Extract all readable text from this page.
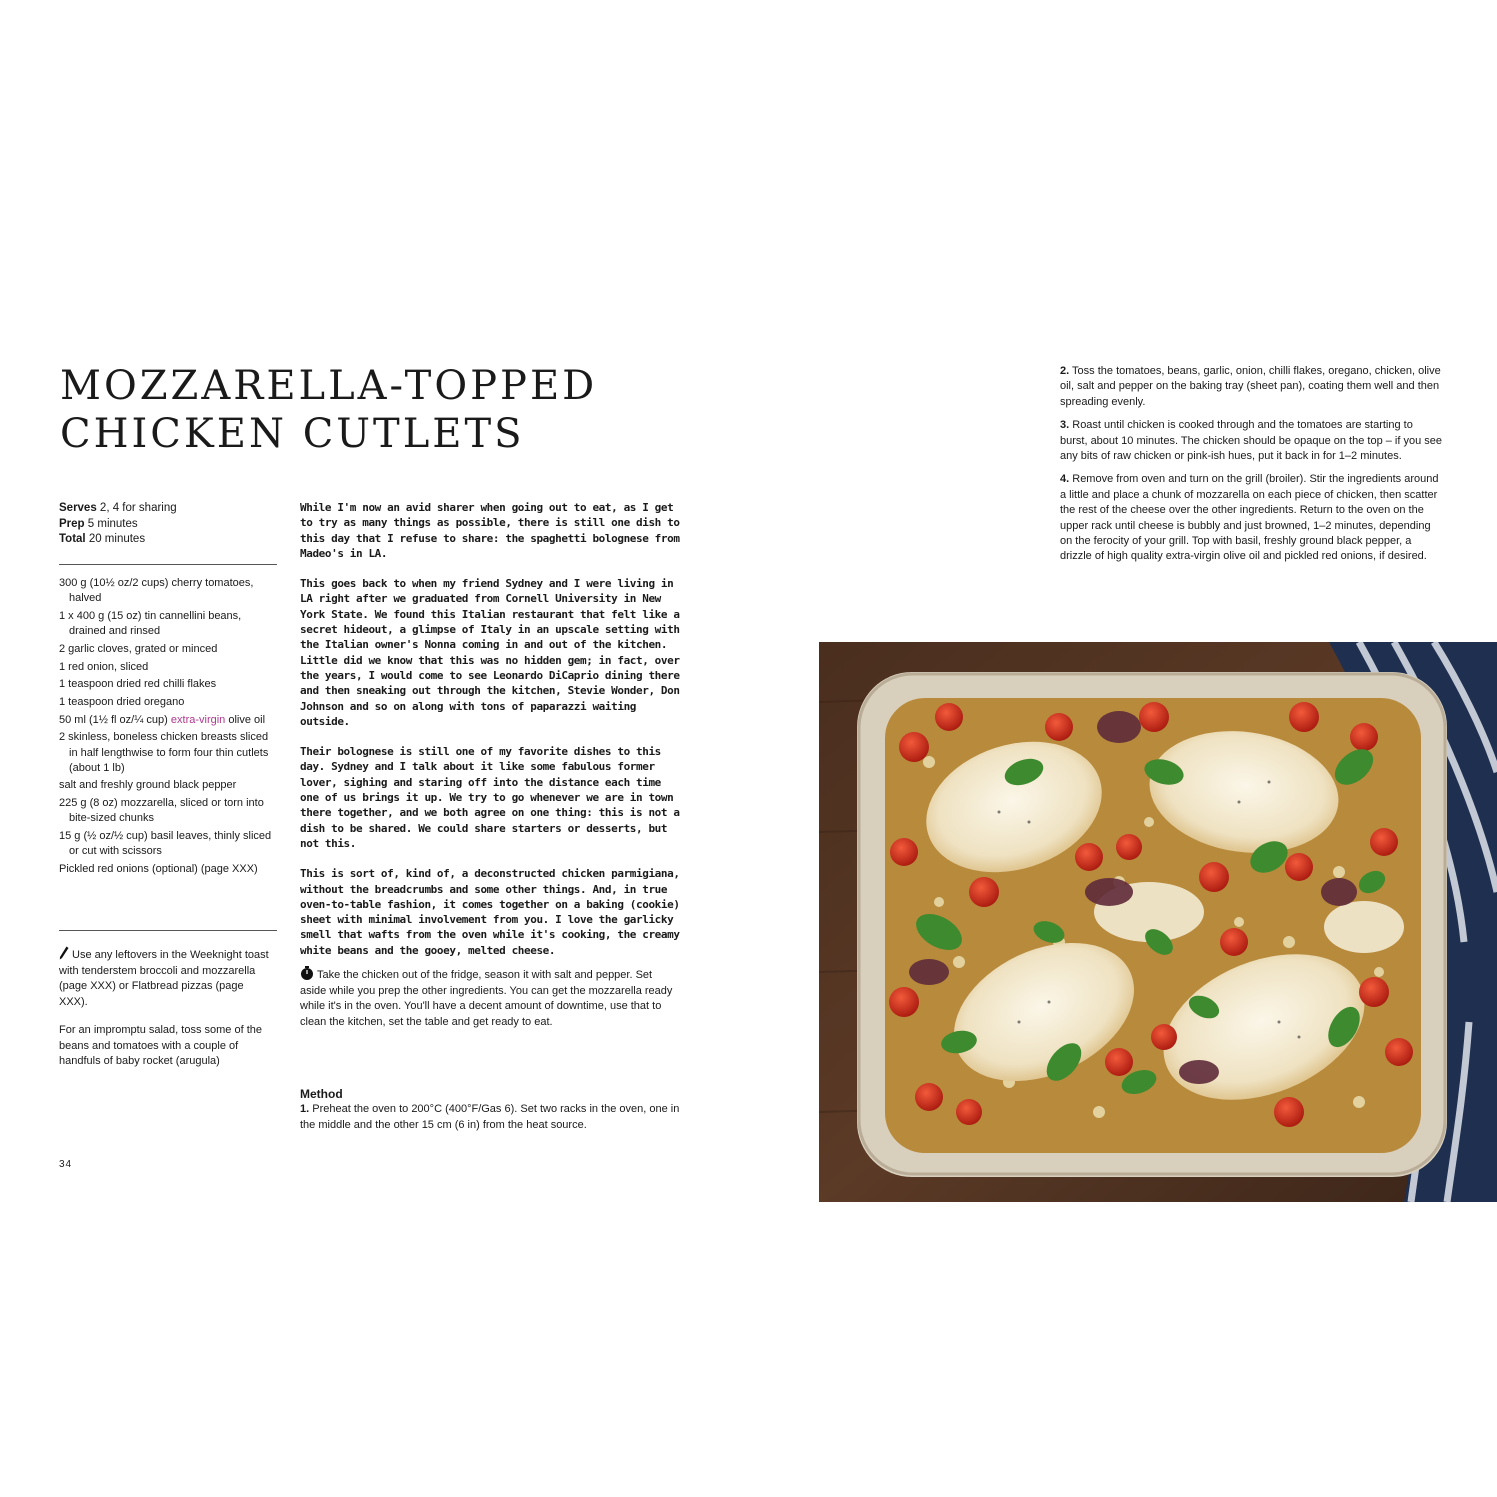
MOZZARELLA-TOPPED
CHICKEN CUTLETS
Serves 2, 4 for sharing
Prep 5 minutes
Total 20 minutes
300 g (10½ oz/2 cups) cherry tomatoes, halved
1 x 400 g (15 oz) tin cannellini beans, drained and rinsed
2 garlic cloves, grated or minced
1 red onion, sliced
1 teaspoon dried red chilli flakes
1 teaspoon dried oregano
50 ml (1½ fl oz/¼ cup) extra-virgin olive oil
2 skinless, boneless chicken breasts sliced in half lengthwise to form four thin cutlets (about 1 lb)
salt and freshly ground black pepper
225 g (8 oz) mozzarella, sliced or torn into bite-sized chunks
15 g (½ oz/½ cup) basil leaves, thinly sliced or cut with scissors
Pickled red onions (optional) (page XXX)

Use any leftovers in the Weeknight toast with tenderstem broccoli and mozzarella (page XXX) or Flatbread pizzas (page XXX).

For an impromptu salad, toss some of the beans and tomatoes with a couple of handfuls of baby rocket (arugula)

While I'm now an avid sharer when going out to eat, as I get to try as many things as possible, there is still one dish to this day that I refuse to share: the spaghetti bolognese from Madeo's in LA.

This goes back to when my friend Sydney and I were living in LA right after we graduated from Cornell University in New York State. We found this Italian restaurant that felt like a secret hideout, a glimpse of Italy in an upscale setting with the Italian owner's Nonna coming in and out of the kitchen. Little did we know that this was no hidden gem; in fact, over the years, I would come to see Leonardo DiCaprio dining there and then sneaking out through the kitchen, Stevie Wonder, Don Johnson and so on along with tons of paparazzi waiting outside.

Their bolognese is still one of my favorite dishes to this day. Sydney and I talk about it like some fabulous former lover, sighing and staring off into the distance each time one of us brings it up. We try to go whenever we are in town there together, and we both agree on one thing: this is not a dish to be shared. We could share starters or desserts, but not this.

This is sort of, kind of, a deconstructed chicken parmigiana, without the breadcrumbs and some other things. And, in true oven-to-table fashion, it comes together on a baking (cookie) sheet with minimal involvement from you. I love the garlicky smell that wafts from the oven while it's cooking, the creamy white beans and the gooey, melted cheese.

Take the chicken out of the fridge, season it with salt and pepper. Set aside while you prep the other ingredients. You can get the mozzarella ready while it's in the oven. You'll have a decent amount of downtime, use that to clean the kitchen, set the table and get ready to eat.
Method
1. Preheat the oven to 200°C (400°F/Gas 6). Set two racks in the oven, one in the middle and the other 15 cm (6 in) from the heat source.
34

2. Toss the tomatoes, beans, garlic, onion, chilli flakes, oregano, chicken, olive oil, salt and pepper on the baking tray (sheet pan), coating them well and then spreading evenly.

3. Roast until chicken is cooked through and the tomatoes are starting to burst, about 10 minutes. The chicken should be opaque on the top – if you see any bits of raw chicken or pink-ish hues, put it back in for 1–2 minutes.

4. Remove from oven and turn on the grill (broiler). Stir the ingredients around a little and place a chunk of mozzarella on each piece of chicken, then scatter the rest of the cheese over the other ingredients. Return to the oven on the upper rack until cheese is bubbly and just browned, 1–2 minutes, depending on the ferocity of your grill. Top with basil, freshly ground black pepper, a drizzle of high quality extra-virgin olive oil and pickled red onions, if desired.
